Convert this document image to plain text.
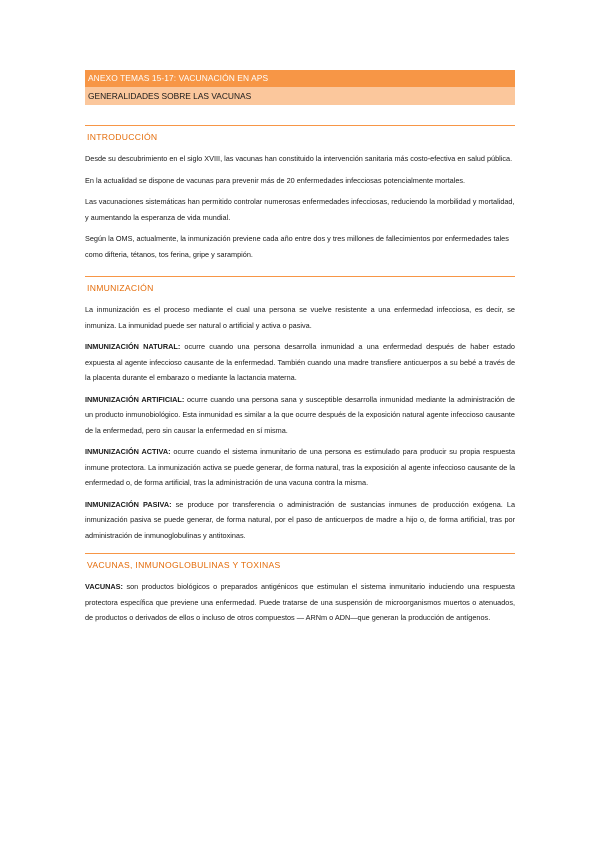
ANEXO TEMAS 15-17: VACUNACIÓN EN APS
GENERALIDADES SOBRE LAS VACUNAS
INTRODUCCIÓN

Desde su descubrimiento en el siglo XVIII, las vacunas han constituido la intervención sanitaria más costo-efectiva en salud pública.

En la actualidad se dispone de vacunas para prevenir más de 20 enfermedades infecciosas potencialmente mortales.

Las vacunaciones sistemáticas han permitido controlar numerosas enfermedades infecciosas, reduciendo la morbilidad y mortalidad, y aumentando la esperanza de vida mundial.

Según la OMS, actualmente, la inmunización previene cada año entre dos y tres millones de fallecimientos por enfermedades tales como difteria, tétanos, tos ferina, gripe y sarampión.

INMUNIZACIÓN

La inmunización es el proceso mediante el cual una persona se vuelve resistente a una enfermedad infecciosa, es decir, se inmuniza. La inmunidad puede ser natural o artificial y activa o pasiva.

INMUNIZACIÓN NATURAL: ocurre cuando una persona desarrolla inmunidad a una enfermedad después de haber estado expuesta al agente infeccioso causante de la enfermedad. También cuando una madre transfiere anticuerpos a su bebé a través de la placenta durante el embarazo o mediante la lactancia materna.

INMUNIZACIÓN ARTIFICIAL: ocurre cuando una persona sana y susceptible desarrolla inmunidad mediante la administración de un producto inmunobiológico. Esta inmunidad es similar a la que ocurre después de la exposición natural agente infeccioso causante de la enfermedad, pero sin causar la enfermedad en sí misma.

INMUNIZACIÓN ACTIVA: ocurre cuando el sistema inmunitario de una persona es estimulado para producir su propia respuesta inmune protectora. La inmunización activa se puede generar, de forma natural, tras la exposición al agente infeccioso causante de la enfermedad o, de forma artificial, tras la administración de una vacuna contra la misma.

INMUNIZACIÓN PASIVA: se produce por transferencia o administración de sustancias inmunes de producción exógena. La inmunización pasiva se puede generar, de forma natural, por el paso de anticuerpos de madre a hijo o, de forma artificial, tras por administración de inmunoglobulinas y antitoxinas.

VACUNAS, INMUNOGLOBULINAS Y TOXINAS

VACUNAS: son productos biológicos o preparados antigénicos que estimulan el sistema inmunitario induciendo una respuesta protectora específica que previene una enfermedad. Puede tratarse de una suspensión de microorganismos muertos o atenuados, de productos o derivados de ellos o incluso de otros compuestos — ARNm o ADN—que generan la producción de antígenos.
